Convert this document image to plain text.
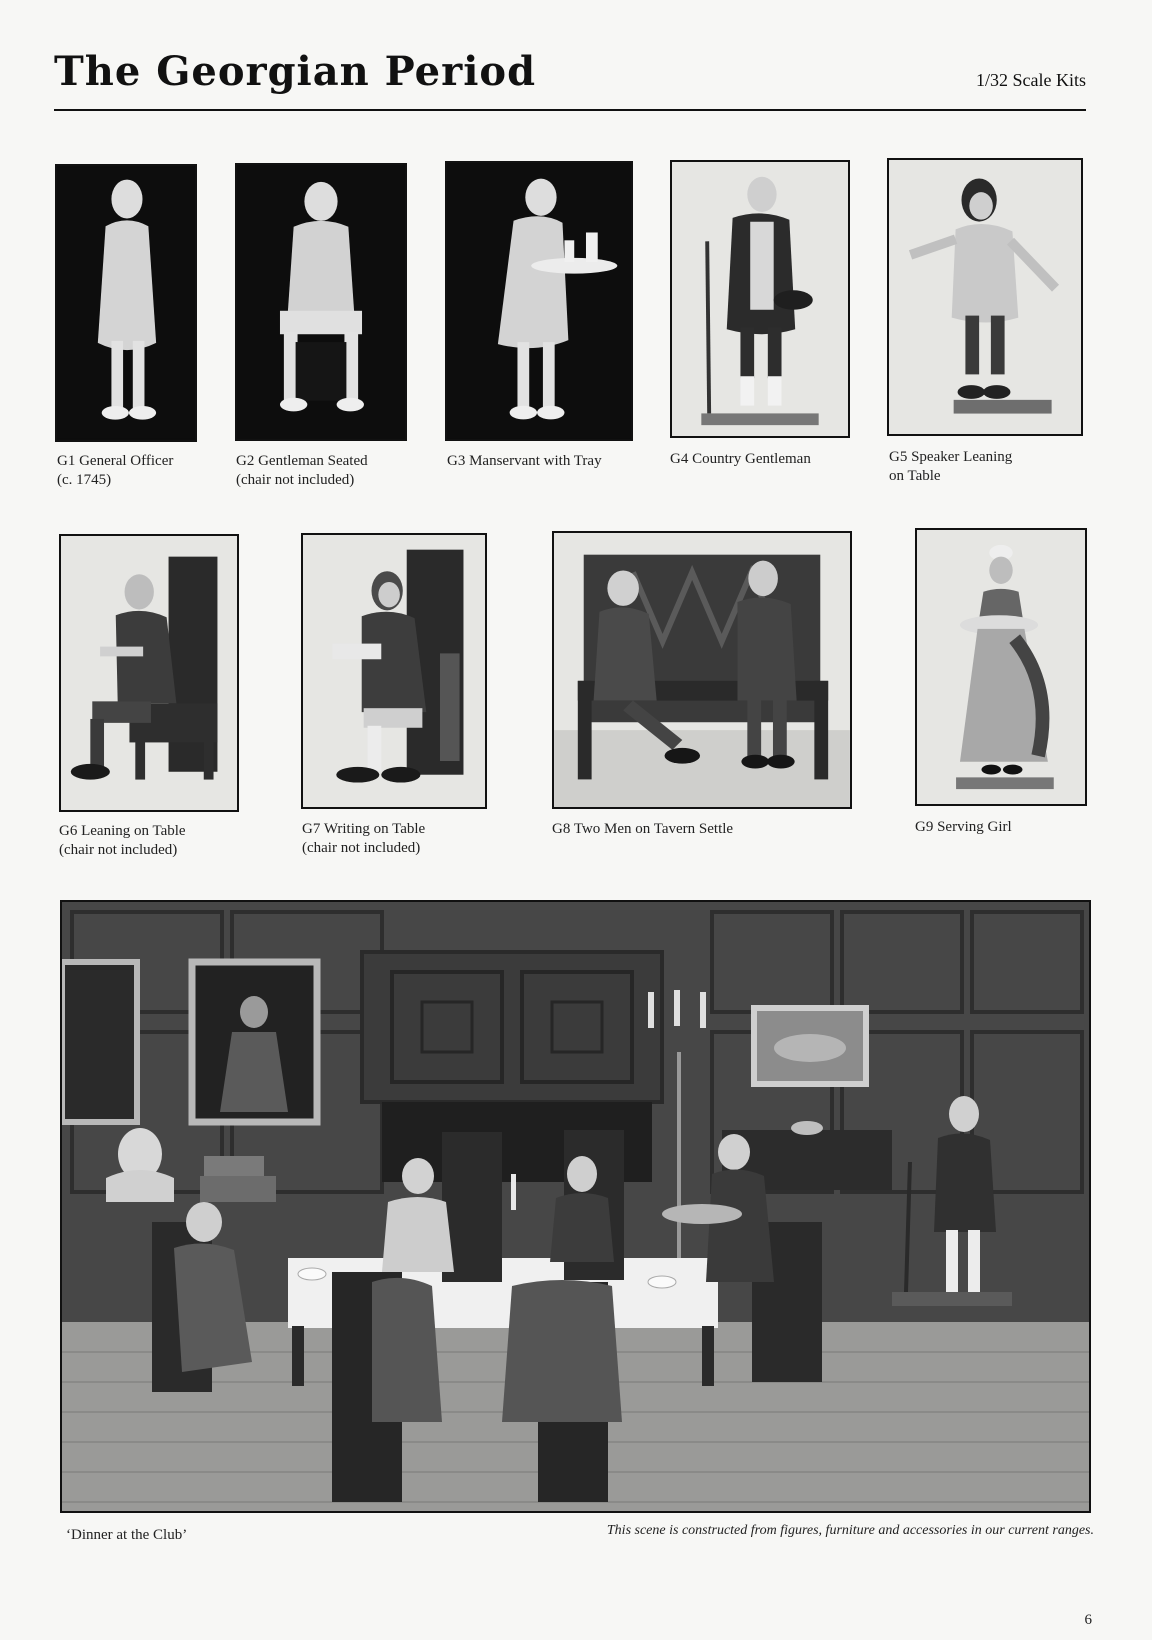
The Georgian Period	1/32 Scale Kits
G1 General Officer
(c. 1745)
G2 Gentleman Seated
(chair not included)
G3 Manservant with Tray	G4 Country Gentleman	G5 Speaker Leaning
on Table
G6 Leaning on Table
(chair not included)
G7 Writing on Table
(chair not included)
G8 Two Men on Tavern Settle	G9 Serving Girl
‘Dinner at the Club’	This scene is constructed from figures, furniture and accessories in our current ranges.
6
